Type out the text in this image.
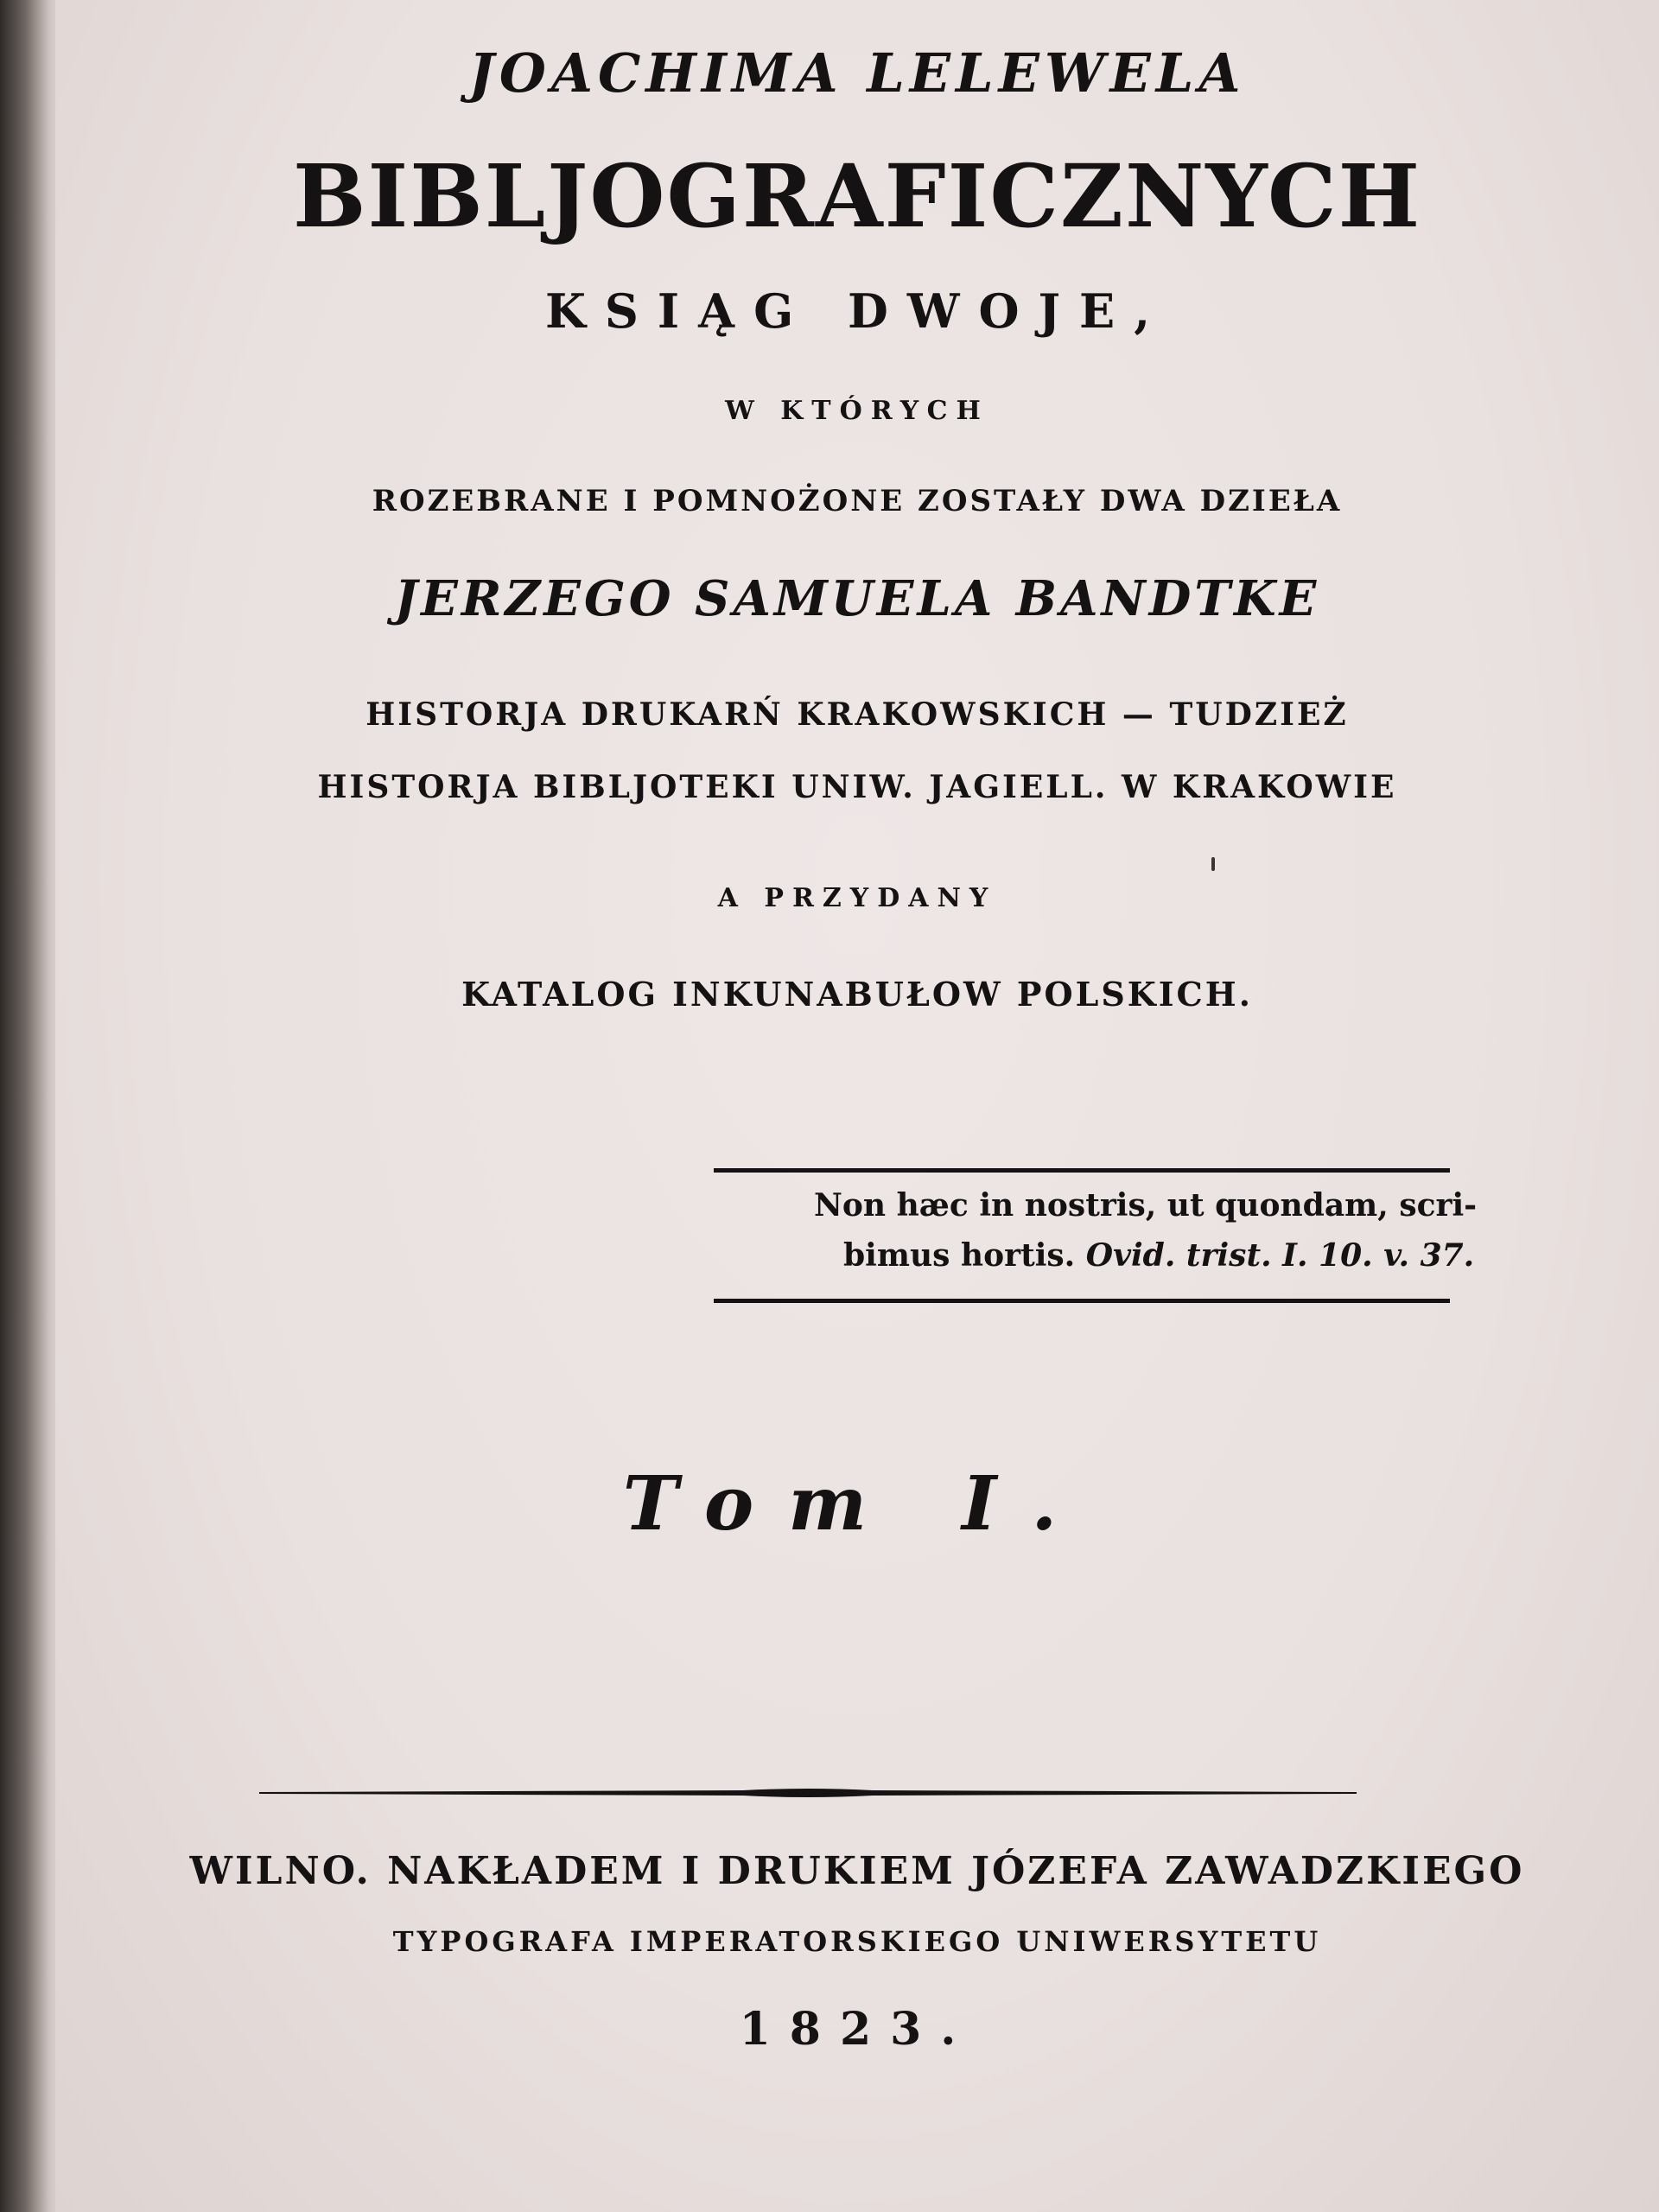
JOACHIMA LELEWELA
BIBLJOGRAFICZNYCH
KSIĄG DWOJE,
W KTÓRYCH
ROZEBRANE I POMNOŻONE ZOSTAŁY DWA DZIEŁA
JERZEGO SAMUELA BANDTKE
HISTORJA DRUKARŃ KRAKOWSKICH — TUDZIEŻ
HISTORJA BIBLJOTEKI UNIW. JAGIELL. W KRAKOWIE
A PRZYDANY
KATALOG INKUNABUŁOW POLSKICH.
Non hæc in nostris, ut quondam, scri-
bimus hortis. Ovid. trist. I. 10. v. 37.
Tom I.
WILNO. NAKŁADEM I DRUKIEM JÓZEFA ZAWADZKIEGO
TYPOGRAFA IMPERATORSKIEGO UNIWERSYTETU
1823.
